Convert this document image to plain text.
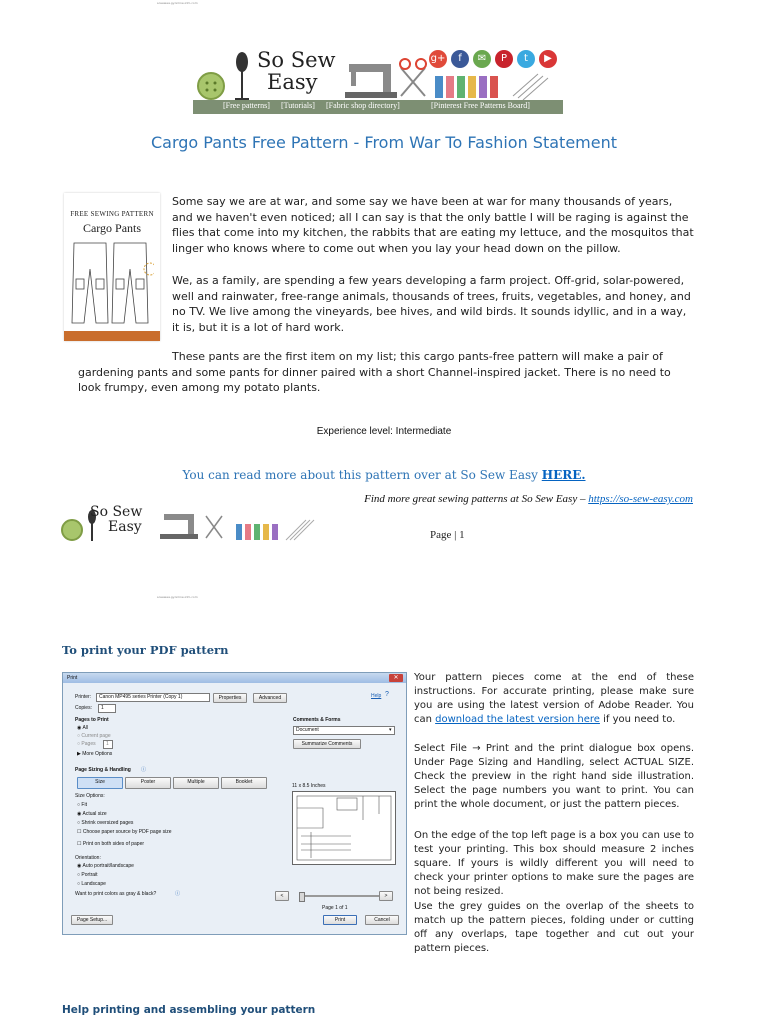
sosewea.gyonline.info.com
So Sew
Easy
g+	f	✉	P	t	▶
[Free patterns] [Tutorials] [Fabric shop directory]	[Pinterest Free Patterns Board]
Cargo Pants Free Pattern - From War To Fashion Statement
FREE SEWING PATTERN
Cargo Pants
Some say we are at war, and some say we have been at war for many thousands of years, and we haven't even noticed; all I can say is that the only battle I will be raging is against the flies that come into my kitchen, the rabbits that are eating my lettuce, and the mosquitos that linger who knows where to come out when you lay your head down on the pillow.
We, as a family, are spending a few years developing a farm project. Off-grid, solar-powered, well and rainwater, free-range animals, thousands of trees, fruits, vegetables, and honey, and no TV. We live among the vineyards, bee hives, and wild birds. It sounds idyllic, and in a way, it is, but it is a lot of hard work.
These pants are the first item on my list; this cargo pants-free pattern will make a pair of gardening pants and some pants for dinner paired with a short Channel-inspired jacket. There is no need to look frumpy, even among my potato plants.
Experience level: Intermediate
You can read more about this pattern over at So Sew Easy HERE.
Find more great sewing patterns at So Sew Easy – https://so-sew-easy.com
So Sew
Easy	Page | 1
sosewea.gyonline.info.com
To print your PDF pattern
Print	✕
Printer:	Canon MP495 series Printer (Copy 1)	Properties	Advanced	Help ?
Copies:	1
Pages to Print
◉ All
○ Current page
○ Pages	1
▶ More Options
Page Sizing & Handling ⓘ
Size	Poster	Multiple	Booklet
Size Options:
○ Fit
◉ Actual size
○ Shrink oversized pages
☐ Choose paper source by PDF page size
☐ Print on both sides of paper
Orientation:
◉ Auto portrait/landscape
○ Portrait
○ Landscape
Want to print colors as gray & black?	ⓘ
Comments & Forms
Document	▾
Summarize Comments
11 x 8.5 Inches
<	>
Page 1 of 1
Page Setup...	Print	Cancel
Your pattern pieces come at the end of these instructions. For accurate printing, please make sure you are using the latest version of Adobe Reader. You can download the latest version here if you need to.
Select File → Print and the print dialogue box opens. Under Page Sizing and Handling, select ACTUAL SIZE. Check the preview in the right hand side illustration. Select the page numbers you want to print. You can print the whole document, or just the pattern pieces.
On the edge of the top left page is a box you can use to test your printing. This box should measure 2 inches square. If yours is wildly different you will need to check your printer options to make sure the pages are not being resized.
Use the grey guides on the overlap of the sheets to match up the pattern pieces, folding under or cutting off any overlaps, tape together and cut out your pattern pieces.
Help printing and assembling your pattern
